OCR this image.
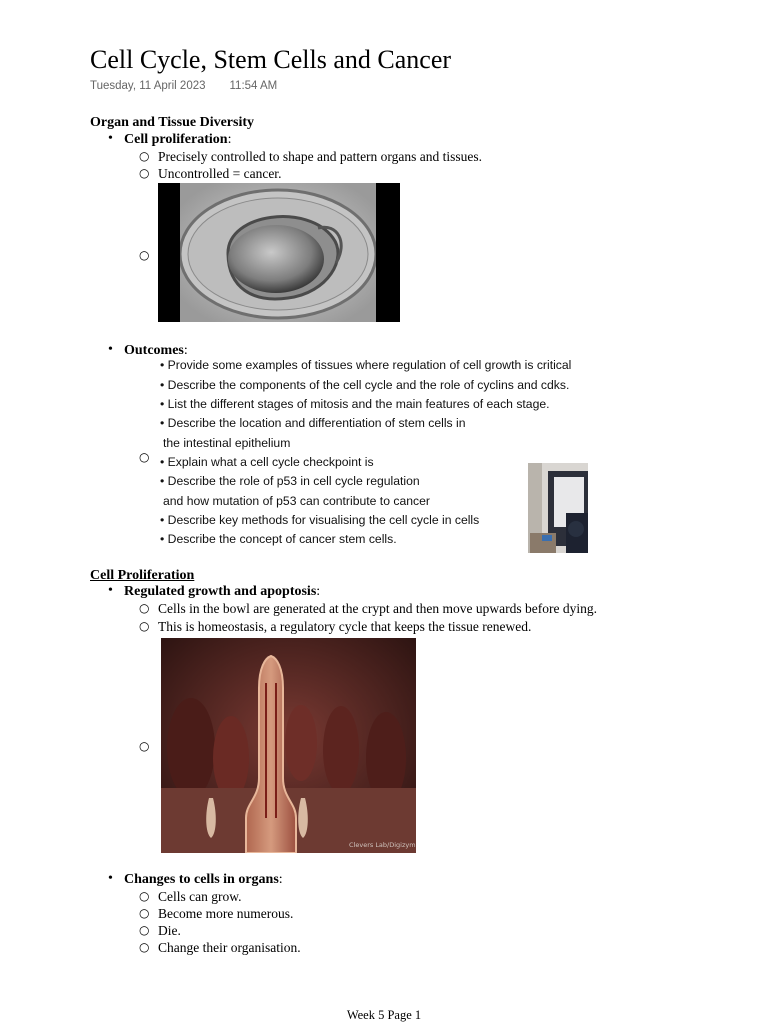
Cell Cycle, Stem Cells and Cancer
Tuesday, 11 April 2023 11:54 AM
Organ and Tissue Diversity
• Cell proliferation:
○ Precisely controlled to shape and pattern organs and tissues.
○ Uncontrolled = cancer.
○
• Outcomes:
○
• Provide some examples of tissues where regulation of cell growth is critical
• Describe the components of the cell cycle and the role of cyclins and cdks.
• List the different stages of mitosis and the main features of each stage.
• Describe the location and differentiation of stem cells in
the intestinal epithelium
• Explain what a cell cycle checkpoint is
• Describe the role of p53 in cell cycle regulation
and how mutation of p53 can contribute to cancer
• Describe key methods for visualising the cell cycle in cells
• Describe the concept of cancer stem cells.
Cell Proliferation
• Regulated growth and apoptosis:
○ Cells in the bowl are generated at the crypt and then move upwards before dying.
○ This is homeostasis, a regulatory cycle that keeps the tissue renewed.
○
Clevers Lab/Digizyme
• Changes to cells in organs:
○ Cells can grow.
○ Become more numerous.
○ Die.
○ Change their organisation.
Week 5 Page 1
